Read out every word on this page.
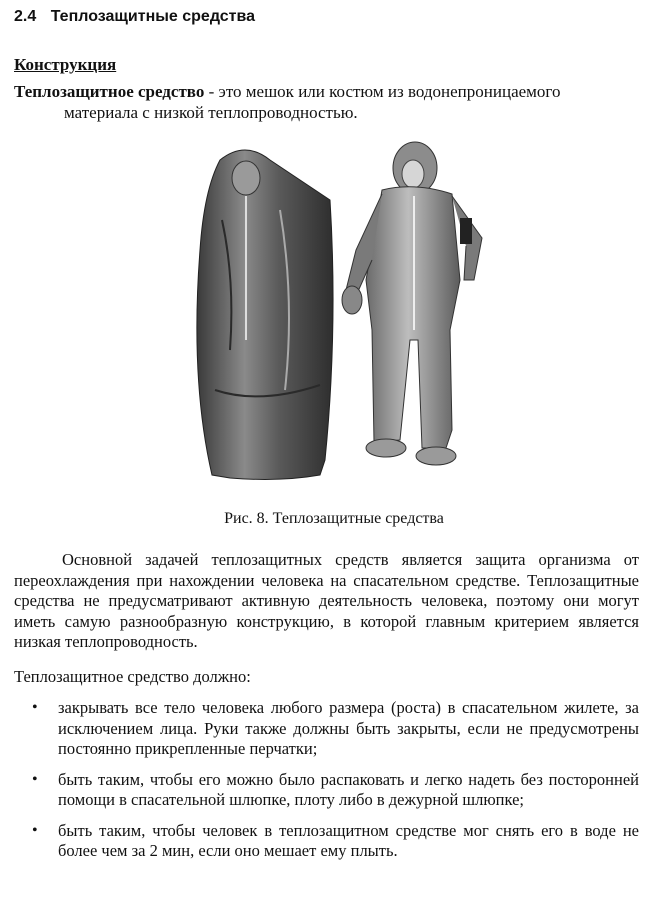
2.4 Теплозащитные средства
Конструкция

Теплозащитное средство - это мешок или костюм из водонепроницаемого
материала с низкой теплопроводностью.

Рис. 8. Теплозащитные средства

Основной задачей теплозащитных средств является защита организма от переохлаждения при нахождении человека на спасательном средстве. Теплозащитные средства не предусматривают активную деятельность человека, поэтому они могут иметь самую разнообразную конструкцию, в которой главным критерием является низкая теплопроводность.

Теплозащитное средство должно:

• закрывать все тело человека любого размера (роста) в спасательном жилете, за исключением лица. Руки также должны быть закрыты, если не предусмотрены постоянно прикрепленные перчатки;
• быть таким, чтобы его можно было распаковать и легко надеть без посторонней помощи в спасательной шлюпке, плоту либо в дежурной шлюпке;
• быть таким, чтобы человек в теплозащитном средстве мог снять его в воде не более чем за 2 мин, если оно мешает ему плыть.
